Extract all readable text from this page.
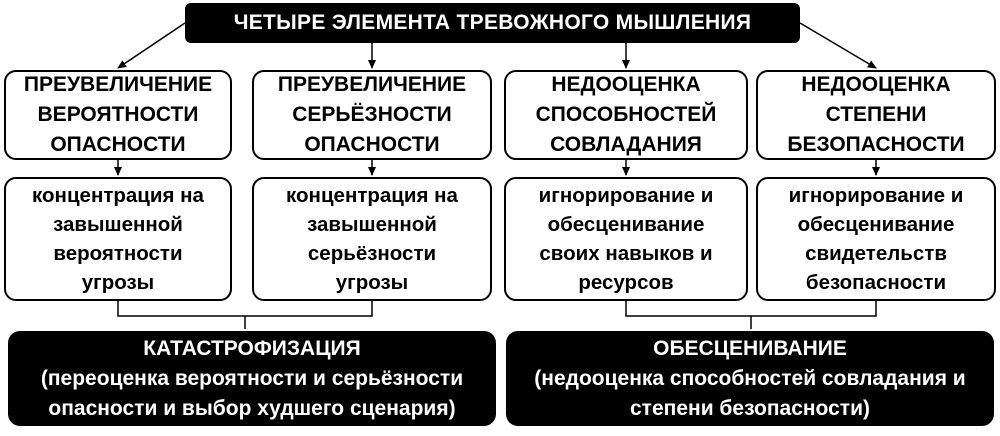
ЧЕТЫРЕ ЭЛЕМЕНТА ТРЕВОЖНОГО МЫШЛЕНИЯ
ПРЕУВЕЛИЧЕНИЕ
ВЕРОЯТНОСТИ
ОПАСНОСТИ
ПРЕУВЕЛИЧЕНИЕ
СЕРЬЁЗНОСТИ
ОПАСНОСТИ
НЕДООЦЕНКА
СПОСОБНОСТЕЙ
СОВЛАДАНИЯ
НЕДООЦЕНКА
СТЕПЕНИ
БЕЗОПАСНОСТИ
концентрация на
завышенной
вероятности
угрозы
концентрация на
завышенной
серьёзности
угрозы
игнорирование и
обесценивание
своих навыков и
ресурсов
игнорирование и
обесценивание
свидетельств
безопасности
КАТАСТРОФИЗАЦИЯ
(переоценка вероятности и серьёзности
опасности и выбор худшего сценария)
ОБЕСЦЕНИВАНИЕ
(недооценка способностей совладания и
степени безопасности)
